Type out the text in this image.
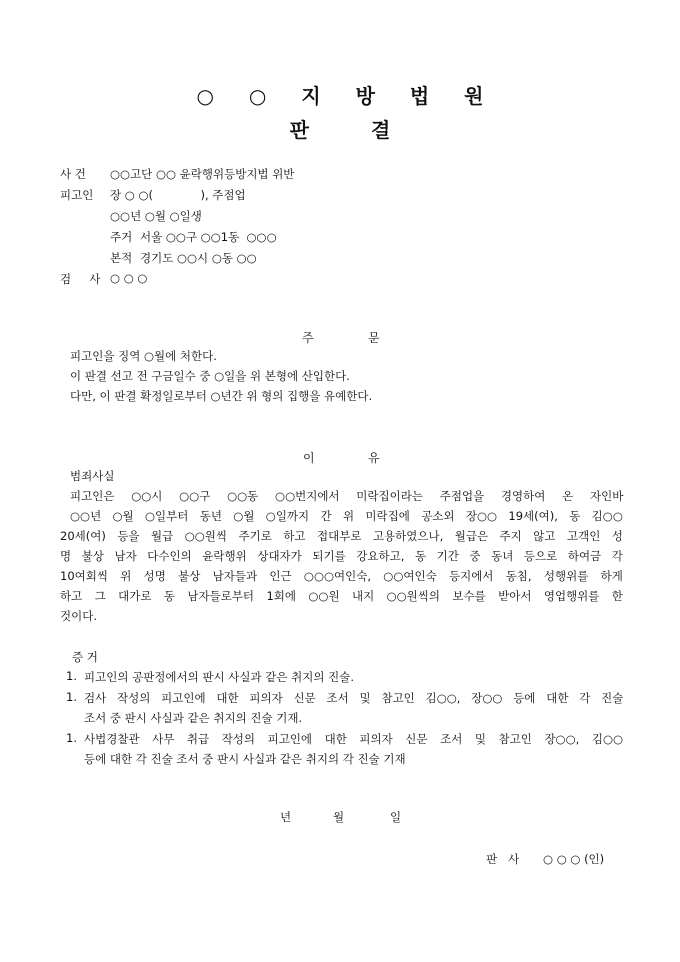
○ ○ 지 방 법 원
판	결
사 건 ○○고단 ○○ 윤락행위등방지법 위반
피고인 장 ○ ○(             ), 주점업
○○년 ○월 ○일생
주거 서울 ○○구 ○○1동  ○○○
본적 경기도 ○○시 ○동 ○○
검     사 ○ ○ ○
주	문
피고인을 징역 ○월에 처한다.
이 판결 선고 전 구금일수 중 ○일을 위 본형에 산입한다.
다만, 이 판결 확정일로부터 ○년간 위 형의 집행을 유예한다.
이	유
범죄사실
피고인은 ○○시 ○○구 ○○동 ○○번지에서 미락집이라는 주점업을 경영하여 온 자인바
○○년 ○월 ○일부터 동년 ○월 ○일까지 간 위 미락집에 공소외 장○○ 19세(여), 동 김○○
20세(여) 등을 월급 ○○원씩 주기로 하고 접대부로 고용하였으나, 월급은 주지 않고 고객인 성
명 불상 남자 다수인의 윤락행위 상대자가 되기를 강요하고, 동 기간 중 동녀 등으로 하여금 각
10여회씩 위 성명 불상 남자들과 인근 ○○○여인숙, ○○여인숙 등지에서 동침, 성행위를 하게
하고 그 대가로 동 남자들로부터 1회에 ○○원 내지 ○○원씩의 보수를 받아서 영업행위를 한
것이다.
증 거
1. 피고인의 공판정에서의 판시 사실과 같은 취지의 진술.
1. 검사 작성의 피고인에 대한 피의자 신문 조서 및 참고인 김○○, 장○○ 등에 대한 각 진술
조서 중 판시 사실과 같은 취지의 진술 기재.
1. 사법경찰관 사무 취급 작성의 피고인에 대한 피의자 신문 조서 및 참고인 장○○, 김○○
등에 대한 각 진술 조서 중 판시 사실과 같은 취지의 각 진술 기재
년	월	일
판   사 ○ ○ ○ (인)
